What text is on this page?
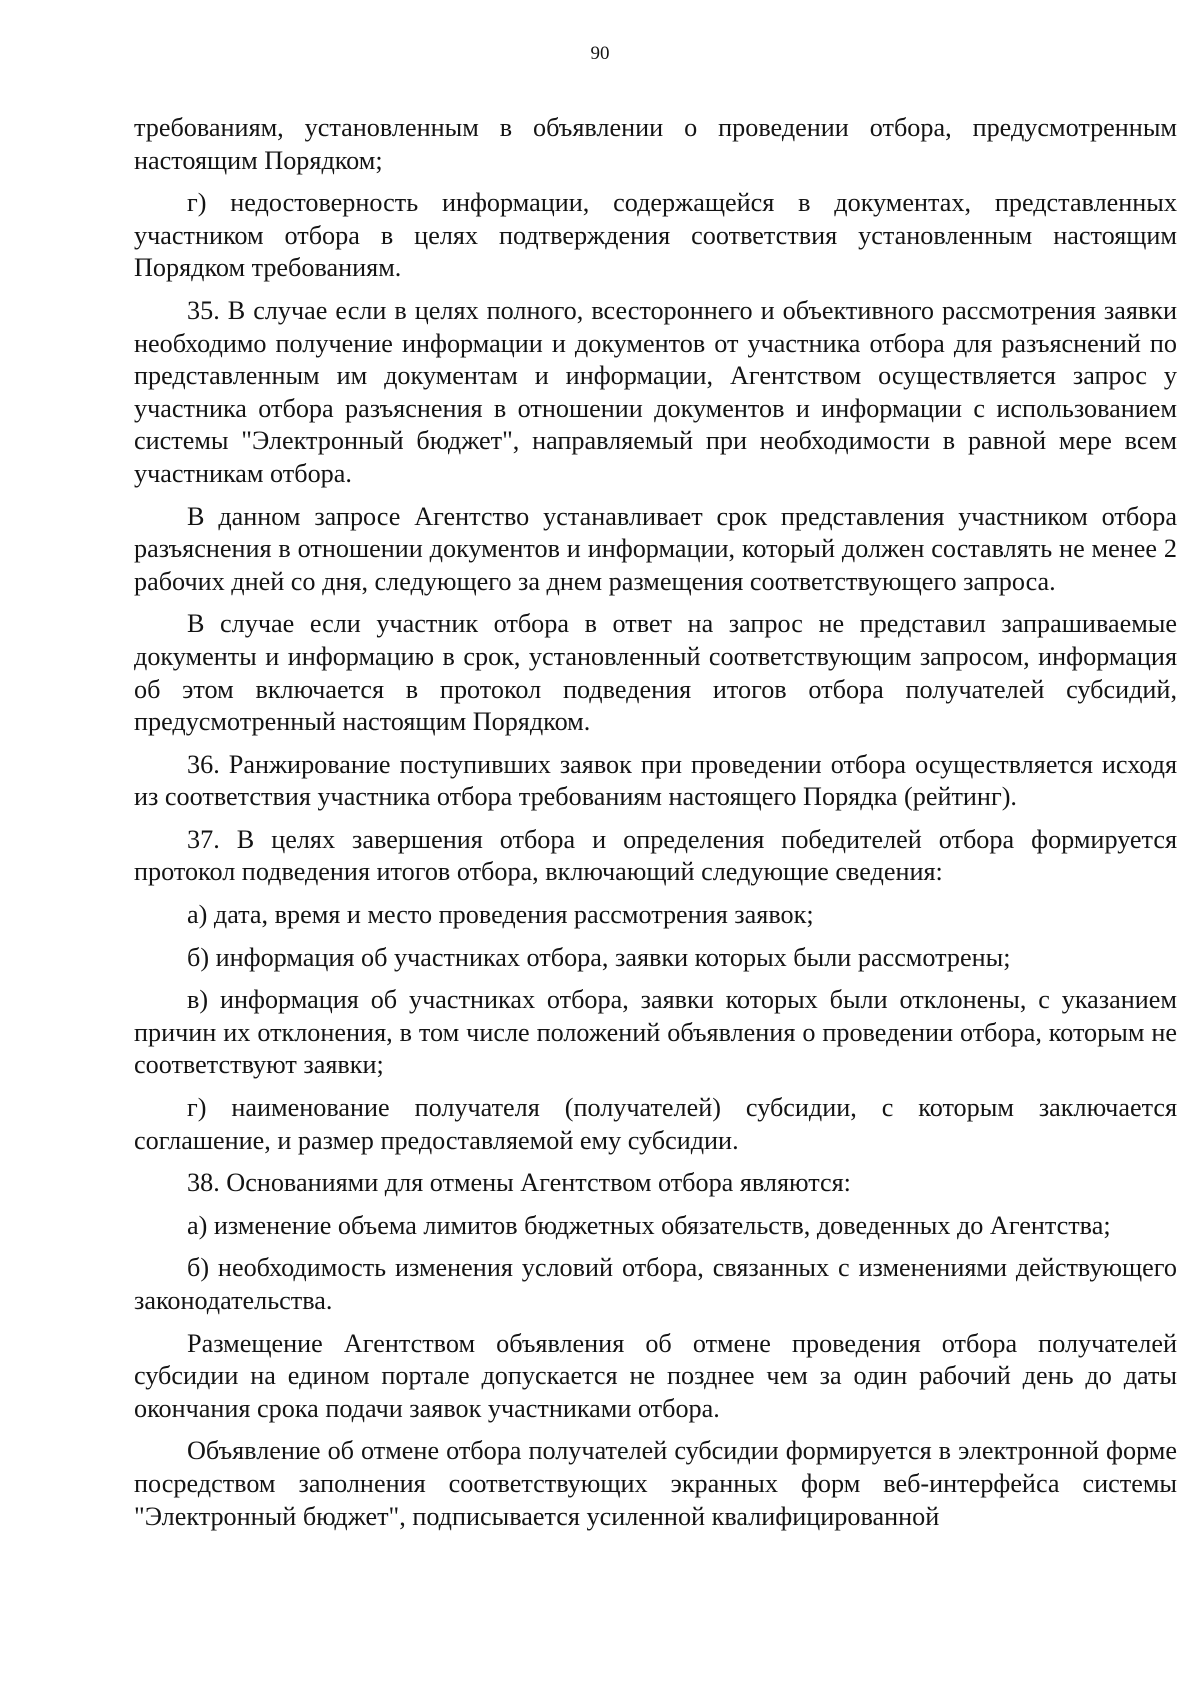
90

требованиям, установленным в объявлении о проведении отбора, предусмотренным настоящим Порядком;

г) недостоверность информации, содержащейся в документах, представленных участником отбора в целях подтверждения соответствия установленным настоящим Порядком требованиям.

35. В случае если в целях полного, всестороннего и объективного рассмотрения заявки необходимо получение информации и документов от участника отбора для разъяснений по представленным им документам и информации, Агентством осуществляется запрос у участника отбора разъяснения в отношении документов и информации с использованием системы "Электронный бюджет", направляемый при необходимости в равной мере всем участникам отбора.

В данном запросе Агентство устанавливает срок представления участником отбора разъяснения в отношении документов и информации, который должен составлять не менее 2 рабочих дней со дня, следующего за днем размещения соответствующего запроса.

В случае если участник отбора в ответ на запрос не представил запрашиваемые документы и информацию в срок, установленный соответствующим запросом, информация об этом включается в протокол подведения итогов отбора получателей субсидий, предусмотренный настоящим Порядком.

36. Ранжирование поступивших заявок при проведении отбора осуществляется исходя из соответствия участника отбора требованиям настоящего Порядка (рейтинг).

37. В целях завершения отбора и определения победителей отбора формируется протокол подведения итогов отбора, включающий следующие сведения:

а) дата, время и место проведения рассмотрения заявок;

б) информация об участниках отбора, заявки которых были рассмотрены;

в) информация об участниках отбора, заявки которых были отклонены, с указанием причин их отклонения, в том числе положений объявления о проведении отбора, которым не соответствуют заявки;

г) наименование получателя (получателей) субсидии, с которым заключается соглашение, и размер предоставляемой ему субсидии.

38. Основаниями для отмены Агентством отбора являются:

а) изменение объема лимитов бюджетных обязательств, доведенных до Агентства;

б) необходимость изменения условий отбора, связанных с изменениями действующего законодательства.

Размещение Агентством объявления об отмене проведения отбора получателей субсидии на едином портале допускается не позднее чем за один рабочий день до даты окончания срока подачи заявок участниками отбора.

Объявление об отмене отбора получателей субсидии формируется в электронной форме посредством заполнения соответствующих экранных форм веб-интерфейса системы "Электронный бюджет", подписывается усиленной квалифицированной
